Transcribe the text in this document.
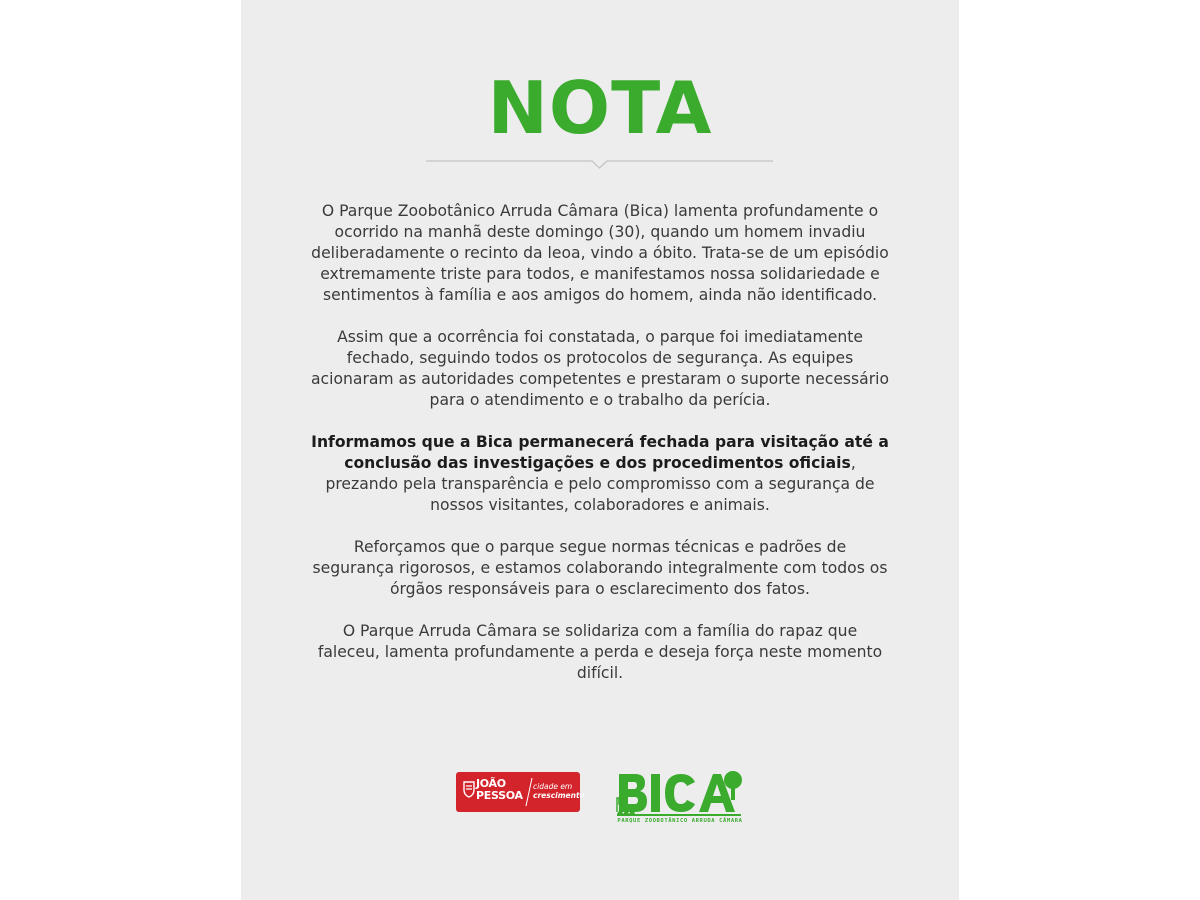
NOTA

O Parque Zoobotânico Arruda Câmara (Bica) lamenta profundamente o ocorrido na manhã deste domingo (30), quando um homem invadiu deliberadamente o recinto da leoa, vindo a óbito. Trata-se de um episódio extremamente triste para todos, e manifestamos nossa solidariedade e sentimentos à família e aos amigos do homem, ainda não identificado.

Assim que a ocorrência foi constatada, o parque foi imediatamente fechado, seguindo todos os protocolos de segurança. As equipes acionaram as autoridades competentes e prestaram o suporte necessário para o atendimento e o trabalho da perícia.

Informamos que a Bica permanecerá fechada para visitação até a conclusão das investigações e dos procedimentos oficiais, prezando pela transparência e pelo compromisso com a segurança de nossos visitantes, colaboradores e animais.

Reforçamos que o parque segue normas técnicas e padrões de segurança rigorosos, e estamos colaborando integralmente com todos os órgãos responsáveis para o esclarecimento dos fatos.

O Parque Arruda Câmara se solidariza com a família do rapaz que faleceu, lamenta profundamente a perda e deseja força neste momento difícil.

JOÃO
PESSOA
cidade em
crescimento
PARQUE ZOOBOTÂNICO ARRUDA CÂMARA
